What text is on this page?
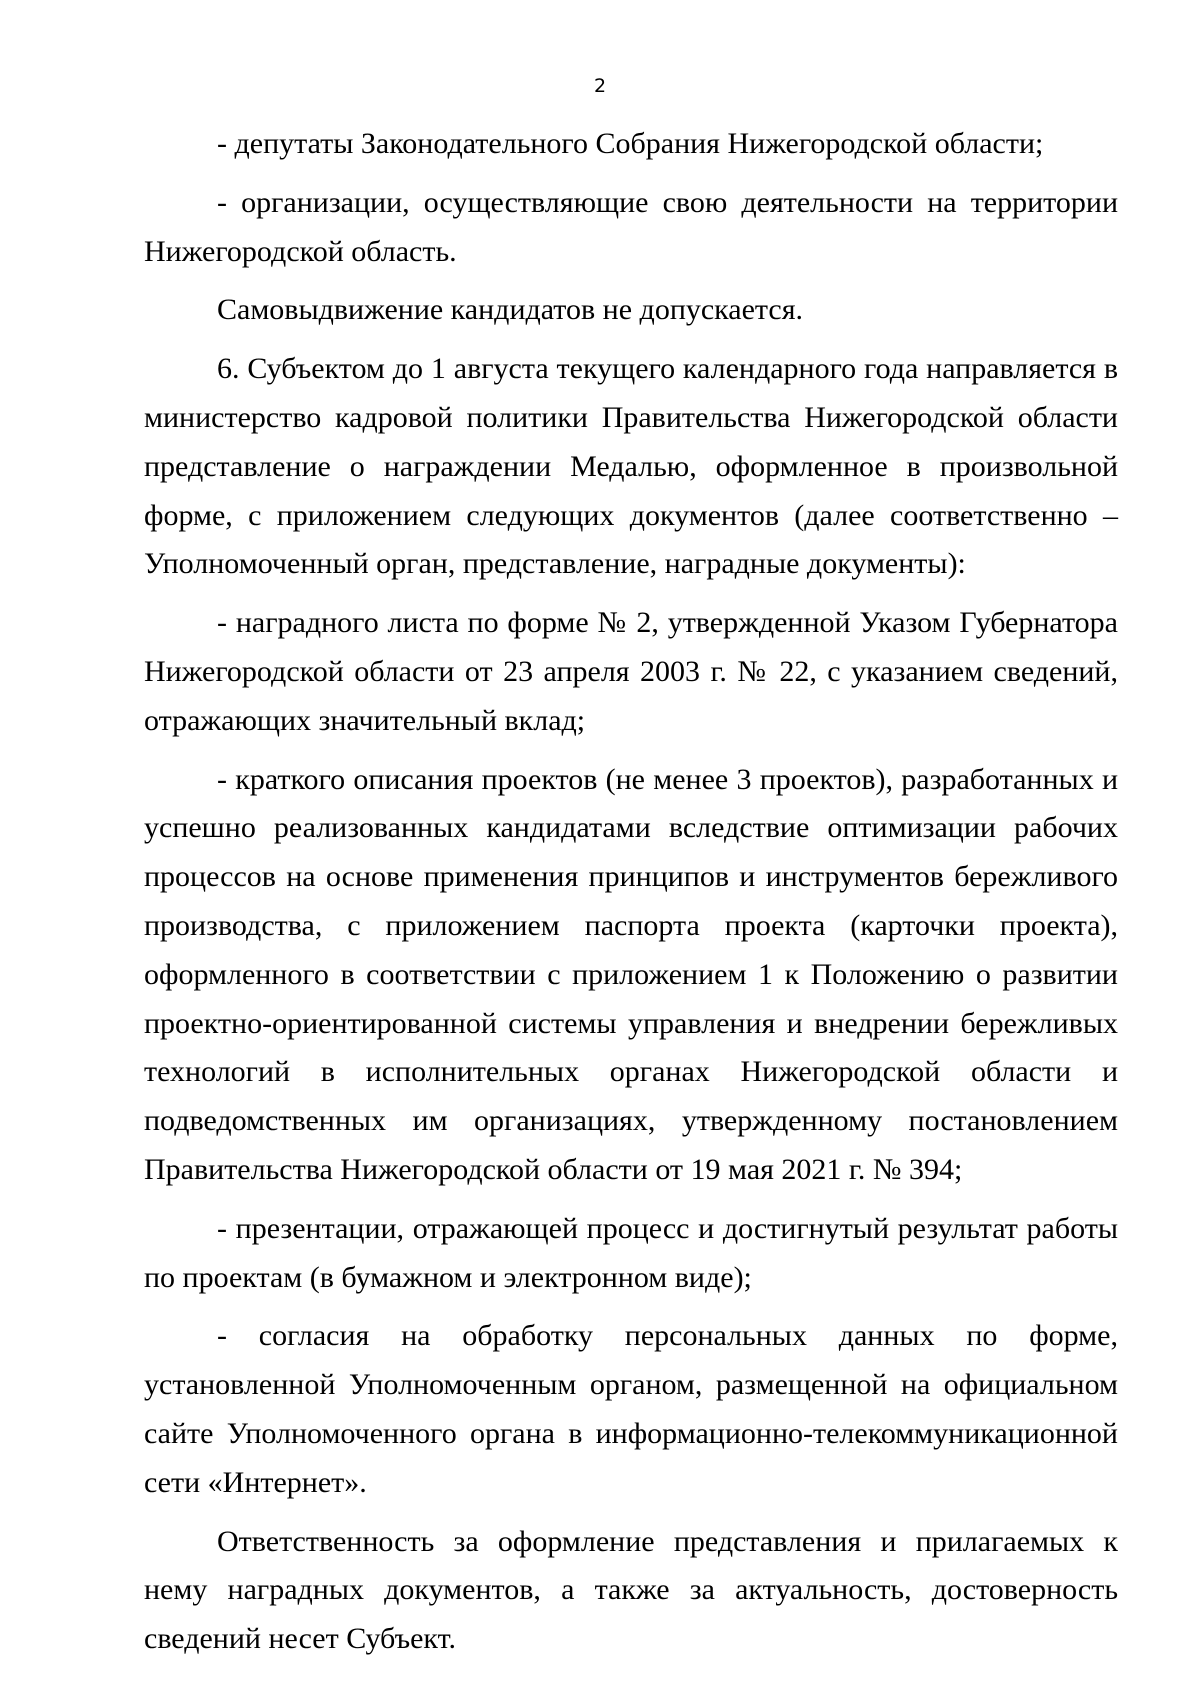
2

- депутаты Законодательного Собрания Нижегородской области;

- организации, осуществляющие свою деятельности на территории Нижегородской область.

Самовыдвижение кандидатов не допускается.

6. Субъектом до 1 августа текущего календарного года направляется в министерство кадровой политики Правительства Нижегородской области представление о награждении Медалью, оформленное в произвольной форме, с приложением следующих документов (далее соответственно – Уполномоченный орган, представление, наградные документы):

- наградного листа по форме № 2, утвержденной Указом Губернатора Нижегородской области от 23 апреля 2003 г. № 22, с указанием сведений, отражающих значительный вклад;

- краткого описания проектов (не менее 3 проектов), разработанных и успешно реализованных кандидатами вследствие оптимизации рабочих процессов на основе применения принципов и инструментов бережливого производства, с приложением паспорта проекта (карточки проекта), оформленного в соответствии с приложением 1 к Положению о развитии проектно-ориентированной системы управления и внедрении бережливых технологий в исполнительных органах Нижегородской области и подведомственных им организациях, утвержденному постановлением Правительства Нижегородской области от 19 мая 2021 г. № 394;

- презентации, отражающей процесс и достигнутый результат работы по проектам (в бумажном и электронном виде);

- согласия на обработку персональных данных по форме, установленной Уполномоченным органом, размещенной на официальном сайте Уполномоченного органа в информационно-телекоммуникационной сети «Интернет».

Ответственность за оформление представления и прилагаемых к нему наградных документов, а также за актуальность, достоверность сведений несет Субъект.
